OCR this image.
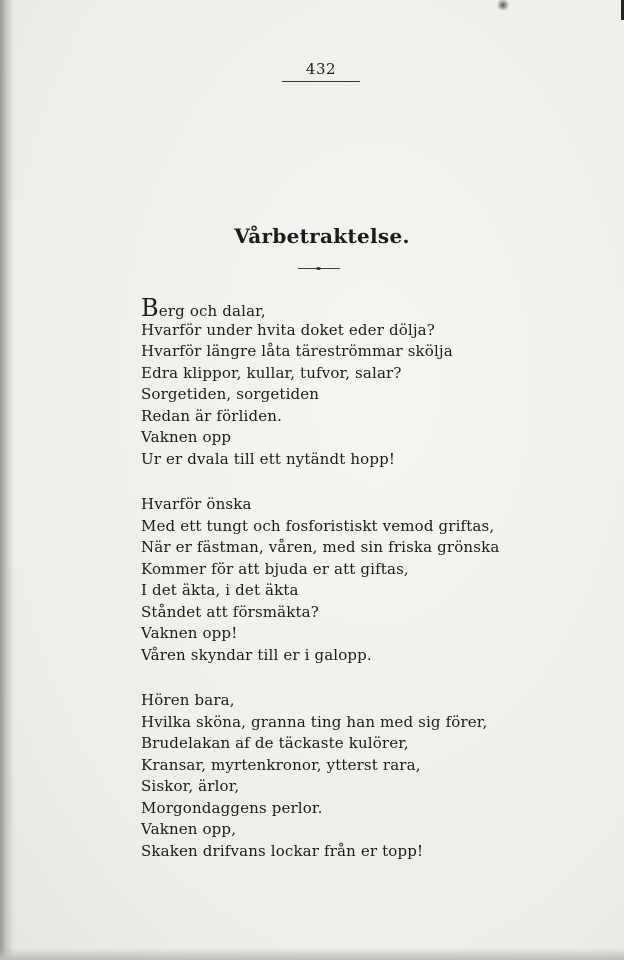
432
Vårbetraktelse.
Berg och dalar,
Hvarför under hvita doket eder dölja?
Hvarför längre låta täreströmmar skölja
Edra klippor, kullar, tufvor, salar?
Sorgetiden, sorgetiden
Redan är förliden.
Vaknen opp
Ur er dvala till ett nytändt hopp!
Hvarför önska
Med ett tungt och fosforistiskt vemod griftas,
När er fästman, våren, med sin friska grönska
Kommer för att bjuda er att giftas,
I det äkta, i det äkta
Ståndet att försmäkta?
Vaknen opp!
Våren skyndar till er i galopp.
Hören bara,
Hvilka sköna, granna ting han med sig förer,
Brudelakan af de täckaste kulörer,
Kransar, myrtenkronor, ytterst rara,
Siskor, ärlor,
Morgondaggens perlor.
Vaknen opp,
Skaken drifvans lockar från er topp!
